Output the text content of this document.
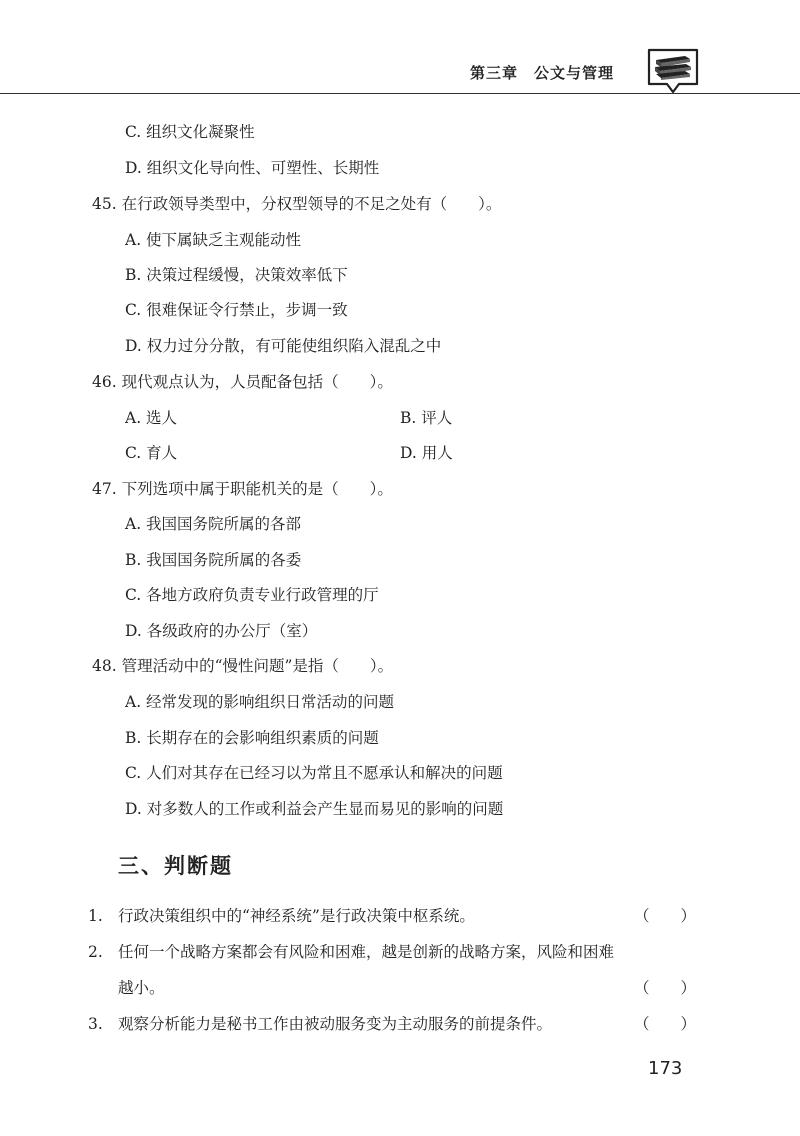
第三章　公文与管理
C. 组织文化凝聚性
D. 组织文化导向性、可塑性、长期性
45. 在行政领导类型中，分权型领导的不足之处有（　　）。
A. 使下属缺乏主观能动性
B. 决策过程缓慢，决策效率低下
C. 很难保证令行禁止，步调一致
D. 权力过分分散，有可能使组织陷入混乱之中
46. 现代观点认为，人员配备包括（　　）。
A. 选人	B. 评人
C. 育人	D. 用人
47. 下列选项中属于职能机关的是（　　）。
A. 我国国务院所属的各部
B. 我国国务院所属的各委
C. 各地方政府负责专业行政管理的厅
D. 各级政府的办公厅（室）
48. 管理活动中的“慢性问题”是指（　　）。
A. 经常发现的影响组织日常活动的问题
B. 长期存在的会影响组织素质的问题
C. 人们对其存在已经习以为常且不愿承认和解决的问题
D. 对多数人的工作或利益会产生显而易见的影响的问题
三、判断题
1. 行政决策组织中的“神经系统”是行政决策中枢系统。	（　　）
2. 任何一个战略方案都会有风险和困难，越是创新的战略方案，风险和困难
越小。	（　　）
3. 观察分析能力是秘书工作由被动服务变为主动服务的前提条件。	（　　）
173
